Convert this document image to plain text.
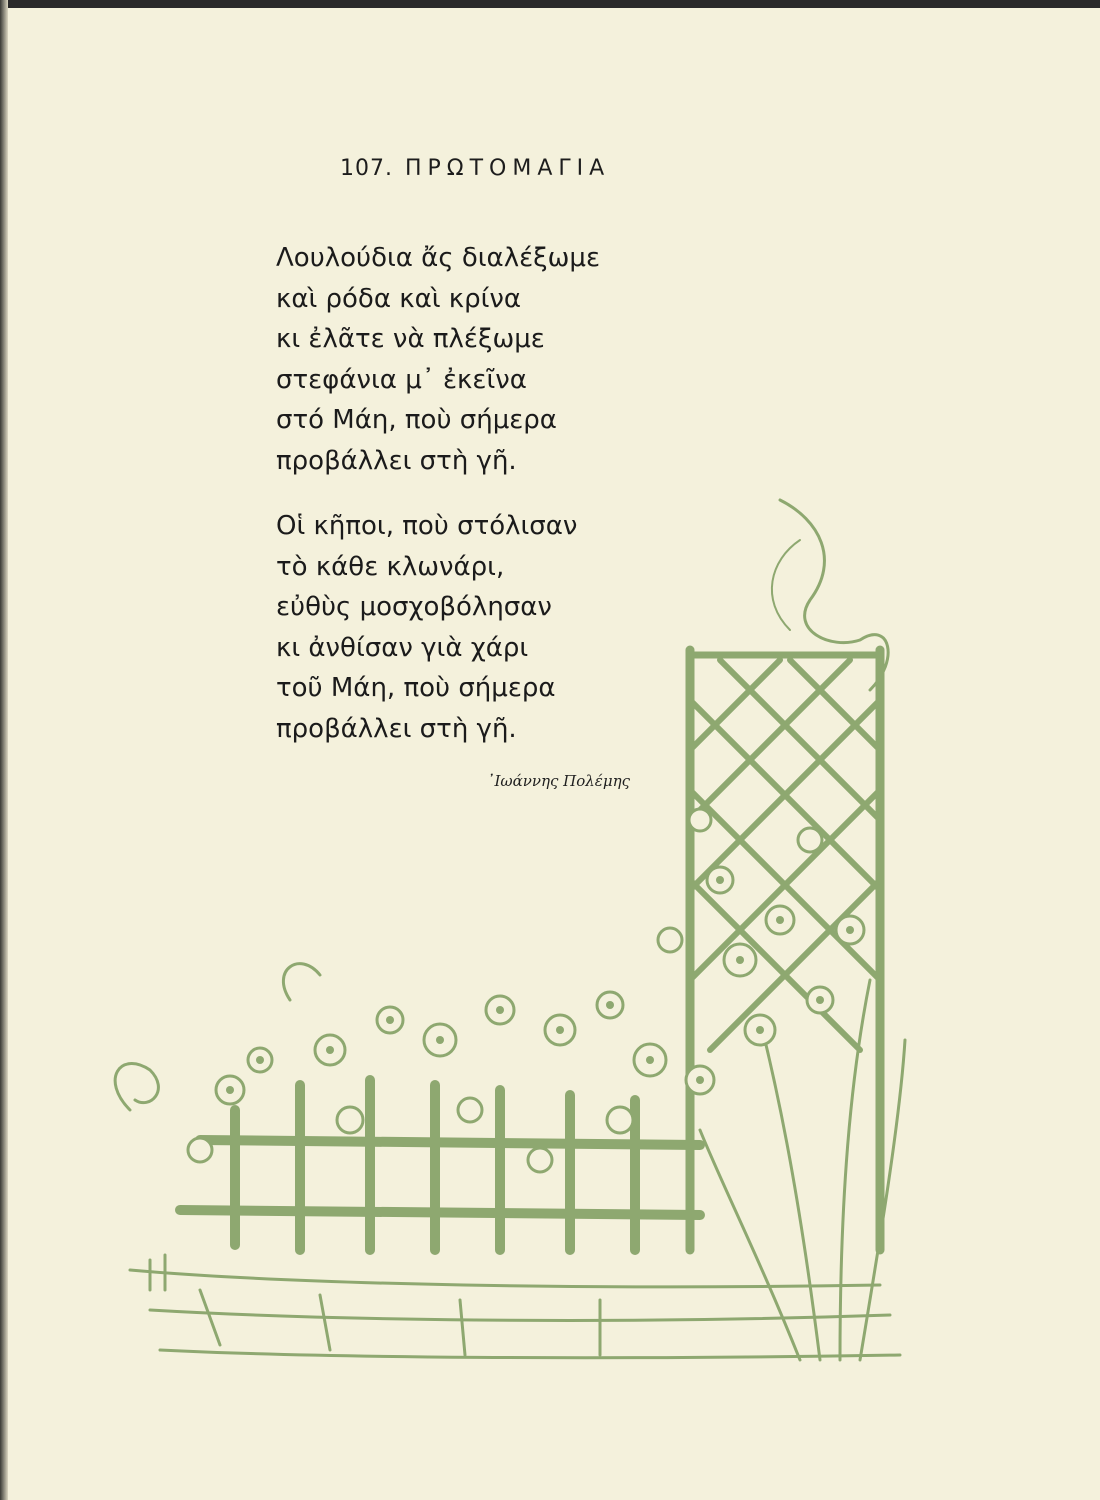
107. ΠΡΩΤΟΜΑΓΙΑ
Λουλούδια ἄς διαλέξωμε
καὶ ρόδα καὶ κρίνα
κι ἐλᾶτε νὰ πλέξωμε
στεφάνια μ᾽ ἐκεῖνα
στό Μάη, ποὺ σήμερα
προβάλλει στὴ γῆ.
Οἱ κῆποι, ποὺ στόλισαν
τὸ κάθε κλωνάρι,
εὐθὺς μοσχοβόλησαν
κι ἀνθίσαν γιὰ χάρι
τοῦ Μάη, ποὺ σήμερα
προβάλλει στὴ γῆ.
᾽Ιωάννης Πολέμης
